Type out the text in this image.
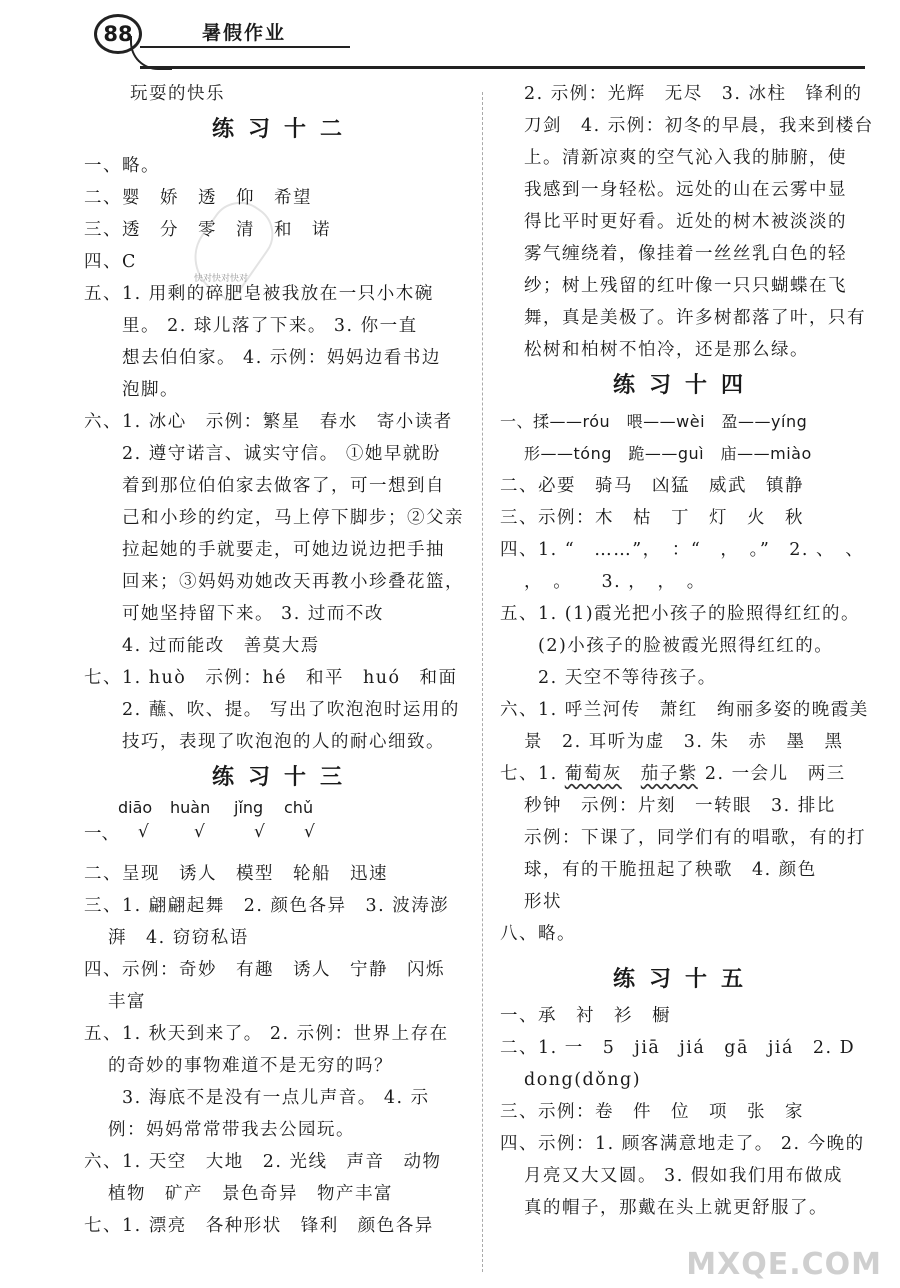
88	暑假作业
快对快对快对
玩耍的快乐
练习十二
一、略。
二、婴　娇　透　仰　希望
三、透　分　零　清　和　诺
四、C
五、1. 用剩的碎肥皂被我放在一只小木碗
里。 2. 球儿落了下来。 3. 你一直
想去伯伯家。 4. 示例：妈妈边看书边
泡脚。
六、1. 冰心　示例：繁星　春水　寄小读者
2. 遵守诺言、诚实守信。 ①她早就盼
着到那位伯伯家去做客了，可一想到自
己和小珍的约定，马上停下脚步；②父亲
拉起她的手就要走，可她边说边把手抽
回来；③妈妈劝她改天再教小珍叠花篮，
可她坚持留下来。 3. 过而不改
4. 过而能改　善莫大焉
七、1. huò　示例：hé　和平　huó　和面
2. 蘸、吹、提。 写出了吹泡泡时运用的
技巧，表现了吹泡泡的人的耐心细致。
练习十三
一、
diāo
√
huàn
√
jǐng
√
chǔ
√
二、呈现　诱人　模型　轮船　迅速
三、1. 翩翩起舞　2. 颜色各异　3. 波涛澎
湃　4. 窃窃私语
四、示例：奇妙　有趣　诱人　宁静　闪烁
丰富
五、1. 秋天到来了。 2. 示例：世界上存在
的奇妙的事物难道不是无穷的吗？
3. 海底不是没有一点儿声音。 4. 示
例：妈妈常常带我去公园玩。
六、1. 天空　大地　2. 光线　声音　动物
植物　矿产　景色奇异　物产丰富
七、1. 漂亮　各种形状　锋利　颜色各异
2. 示例：光辉　无尽　3. 冰柱　锋利的
刀剑　4. 示例：初冬的早晨，我来到楼台
上。清新凉爽的空气沁入我的肺腑，使
我感到一身轻松。远处的山在云雾中显
得比平时更好看。近处的树木被淡淡的
雾气缠绕着，像挂着一丝丝乳白色的轻
纱；树上残留的红叶像一只只蝴蝶在飞
舞，真是美极了。许多树都落了叶，只有
松树和柏树不怕冷，还是那么绿。
练习十四
一、揉——róu　喂——wèi　盈——yíng
形——tóng　跪——guì　庙——miào
二、必要　骑马　凶猛　威武　镇静
三、示例：木　枯　丁　灯　火　秋
四、1. “　……”，　：“　，　。”　2. 、　、
，　。　　3. ，　，　。
五、1. (1)霞光把小孩子的脸照得红红的。
(2)小孩子的脸被霞光照得红红的。
2. 天空不等待孩子。
六、1. 呼兰河传　萧红　绚丽多姿的晚霞美
景　2. 耳听为虚　3. 朱　赤　墨　黑
七、1. 葡萄灰　 茄子紫 2. 一会儿　两三
秒钟　示例：片刻　一转眼　3. 排比
示例：下课了，同学们有的唱歌，有的打
球，有的干脆扭起了秧歌　4. 颜色
形状
八、略。
练习十五
一、承　衬　衫　橱
二、1. 一　5　jiā　jiá　gā　jiá　2. D
dong(dǒng)
三、示例：卷　件　位　项　张　家
四、示例：1. 顾客满意地走了。 2. 今晚的
月亮又大又圆。 3. 假如我们用布做成
真的帽子，那戴在头上就更舒服了。
MXQE.COM
